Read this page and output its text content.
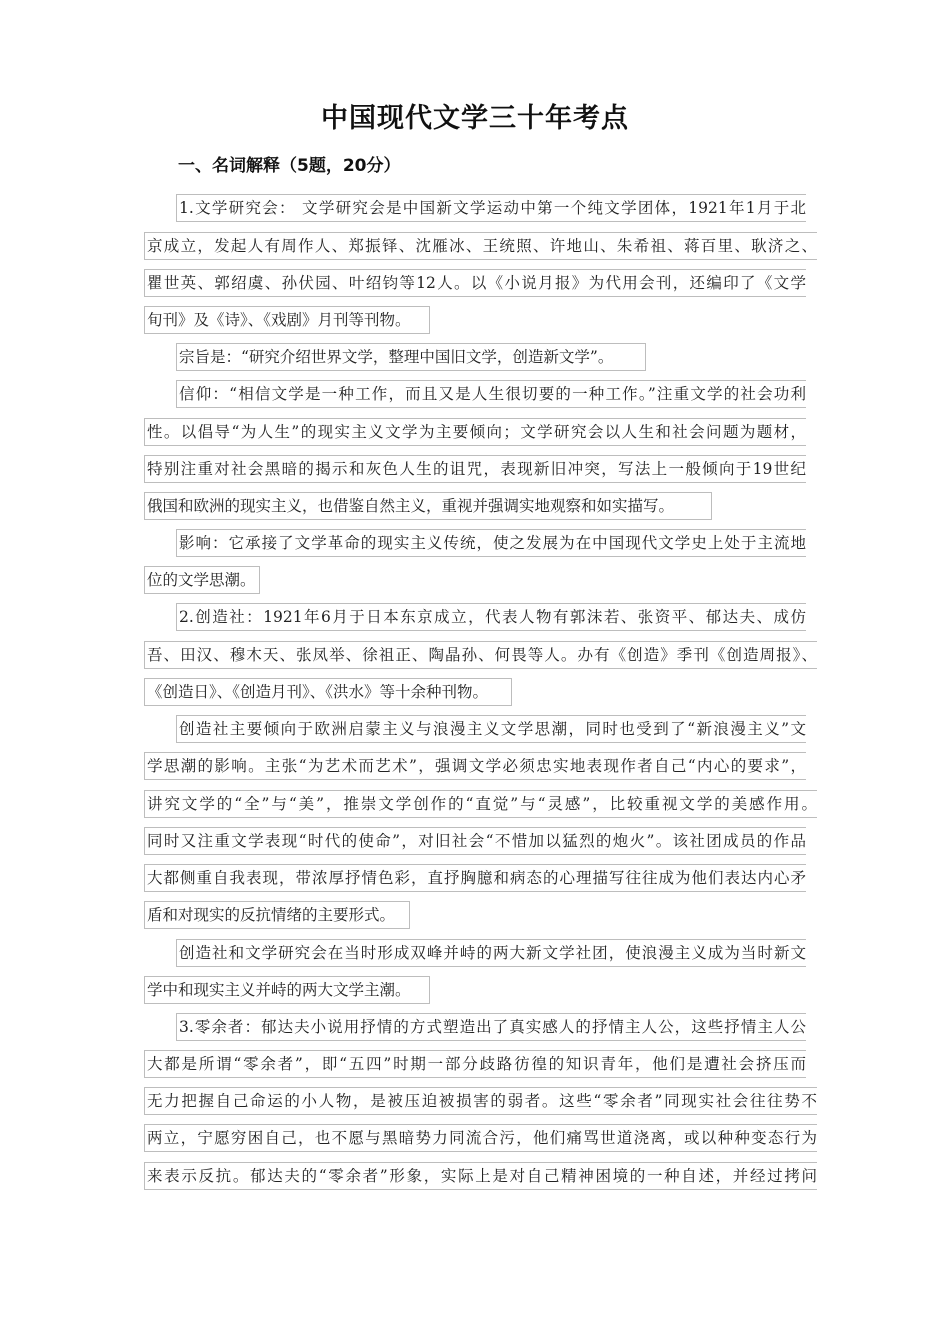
中国现代文学三十年考点
一、名词解释（5题，20分）
1.文学研究会： 文学研究会是中国新文学运动中第一个纯文学团体，1921年1月于北
京成立，发起人有周作人、郑振铎、沈雁冰、王统照、许地山、朱希祖、蒋百里、耿济之、
瞿世英、郭绍虞、孙伏园、叶绍钧等12人。以《小说月报》为代用会刊，还编印了《文学
旬刊》及《诗》、《戏剧》月刊等刊物。
宗旨是：“研究介绍世界文学，整理中国旧文学，创造新文学”。
信仰：“相信文学是一种工作，而且又是人生很切要的一种工作。”注重文学的社会功利
性。以倡导“为人生”的现实主义文学为主要倾向；文学研究会以人生和社会问题为题材，
特别注重对社会黑暗的揭示和灰色人生的诅咒，表现新旧冲突，写法上一般倾向于19世纪
俄国和欧洲的现实主义，也借鉴自然主义，重视并强调实地观察和如实描写。
影响：它承接了文学革命的现实主义传统，使之发展为在中国现代文学史上处于主流地
位的文学思潮。
2.创造社：1921年6月于日本东京成立，代表人物有郭沫若、张资平、郁达夫、成仿
吾、田汉、穆木天、张凤举、徐祖正、陶晶孙、何畏等人。办有《创造》季刊《创造周报》、
《创造日》、《创造月刊》、《洪水》等十余种刊物。
创造社主要倾向于欧洲启蒙主义与浪漫主义文学思潮，同时也受到了“新浪漫主义”文
学思潮的影响。主张“为艺术而艺术”，强调文学必须忠实地表现作者自己“内心的要求”，
讲究文学的“全”与“美”，推崇文学创作的“直觉”与“灵感”，比较重视文学的美感作用。
同时又注重文学表现“时代的使命”，对旧社会“不惜加以猛烈的炮火”。该社团成员的作品
大都侧重自我表现，带浓厚抒情色彩，直抒胸臆和病态的心理描写往往成为他们表达内心矛
盾和对现实的反抗情绪的主要形式。
创造社和文学研究会在当时形成双峰并峙的两大新文学社团，使浪漫主义成为当时新文
学中和现实主义并峙的两大文学主潮。
3.零余者：郁达夫小说用抒情的方式塑造出了真实感人的抒情主人公，这些抒情主人公
大都是所谓“零余者”，即“五四”时期一部分歧路彷徨的知识青年，他们是遭社会挤压而
无力把握自己命运的小人物，是被压迫被损害的弱者。这些“零余者”同现实社会往往势不
两立，宁愿穷困自己，也不愿与黑暗势力同流合污，他们痛骂世道浇离，或以种种变态行为
来表示反抗。郁达夫的“零余者”形象，实际上是对自己精神困境的一种自述，并经过拷问
